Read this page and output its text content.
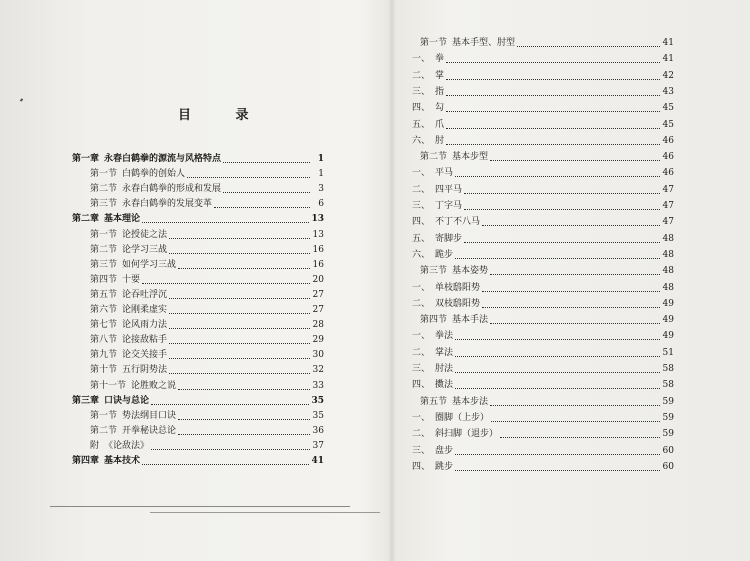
目 录
第一章 永春白鹤拳的源流与风格特点	1
第一节 白鹤拳的创始人	1
第二节 永春白鹤拳的形成和发展	3
第三节 永春白鹤拳的发展变革	6
第二章 基本理论	13
第一节 论授徒之法	13
第二节 论学习三战	16
第三节 如何学习三战	16
第四节 十要	20
第五节 论吞吐浮沉	27
第六节 论刚柔虚实	27
第七节 论风雨力法	28
第八节 论接敌粘手	29
第九节 论交关接手	30
第十节 五行阴势法	32
第十一节 论胜败之说	33
第三章 口诀与总论	35
第一节 势法纲目口诀	35
第二节 开拳秘诀总论	36
附 《论敌法》	37
第四章 基本技术	41
第一节 基本手型、肘型	41
一、 拳	41
二、 掌	42
三、 指	43
四、 勾	45
五、 爪	45
六、 肘	46
第二节 基本步型	46
一、 平马	46
二、 四平马	47
三、 丁字马	47
四、 不丁不八马	47
五、 寄脚步	48
六、 跪步	48
第三节 基本姿势	48
一、 单枝鸱阳势	48
二、 双枝鸱阳势	49
第四节 基本手法	49
一、 拳法	49
二、 掌法	51
三、 肘法	58
四、 擞法	58
第五节 基本步法	59
一、 圈脚（上步）	59
二、 斜扫脚（退步）	59
三、 盘步	60
四、 跳步	60
